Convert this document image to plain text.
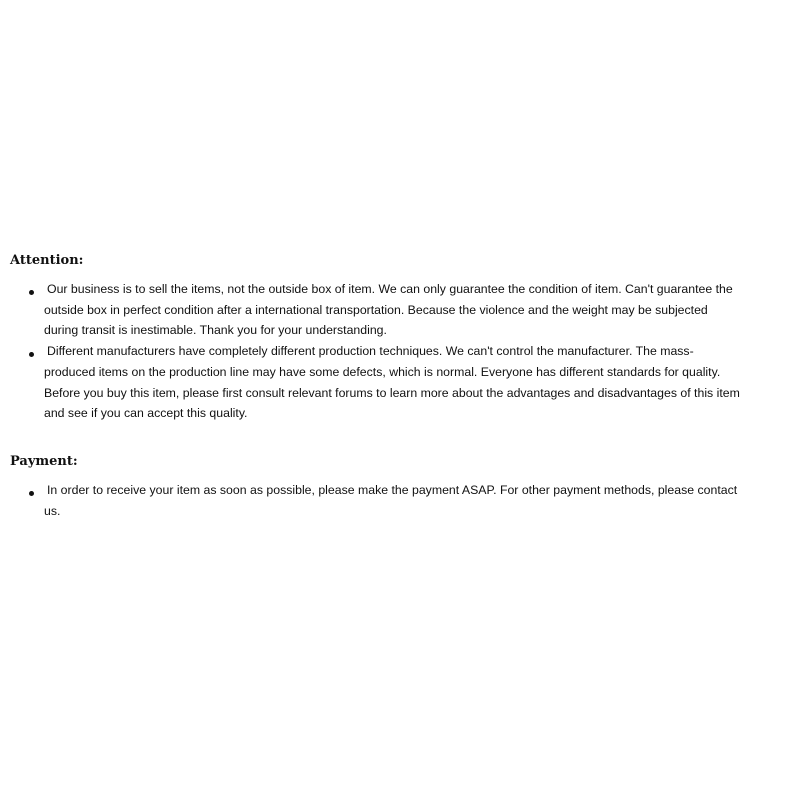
Attention:
Our business is to sell the items, not the outside box of item. We can only guarantee the condition of item. Can't guarantee the outside box in perfect condition after a international transportation. Because the violence and the weight may be subjected during transit is inestimable. Thank you for your understanding.
Different manufacturers have completely different production techniques. We can't control the manufacturer. The mass-produced items on the production line may have some defects, which is normal. Everyone has different standards for quality. Before you buy this item, please first consult relevant forums to learn more about the advantages and disadvantages of this item and see if you can accept this quality.
Payment:
In order to receive your item as soon as possible, please make the payment ASAP. For other payment methods, please contact us.
